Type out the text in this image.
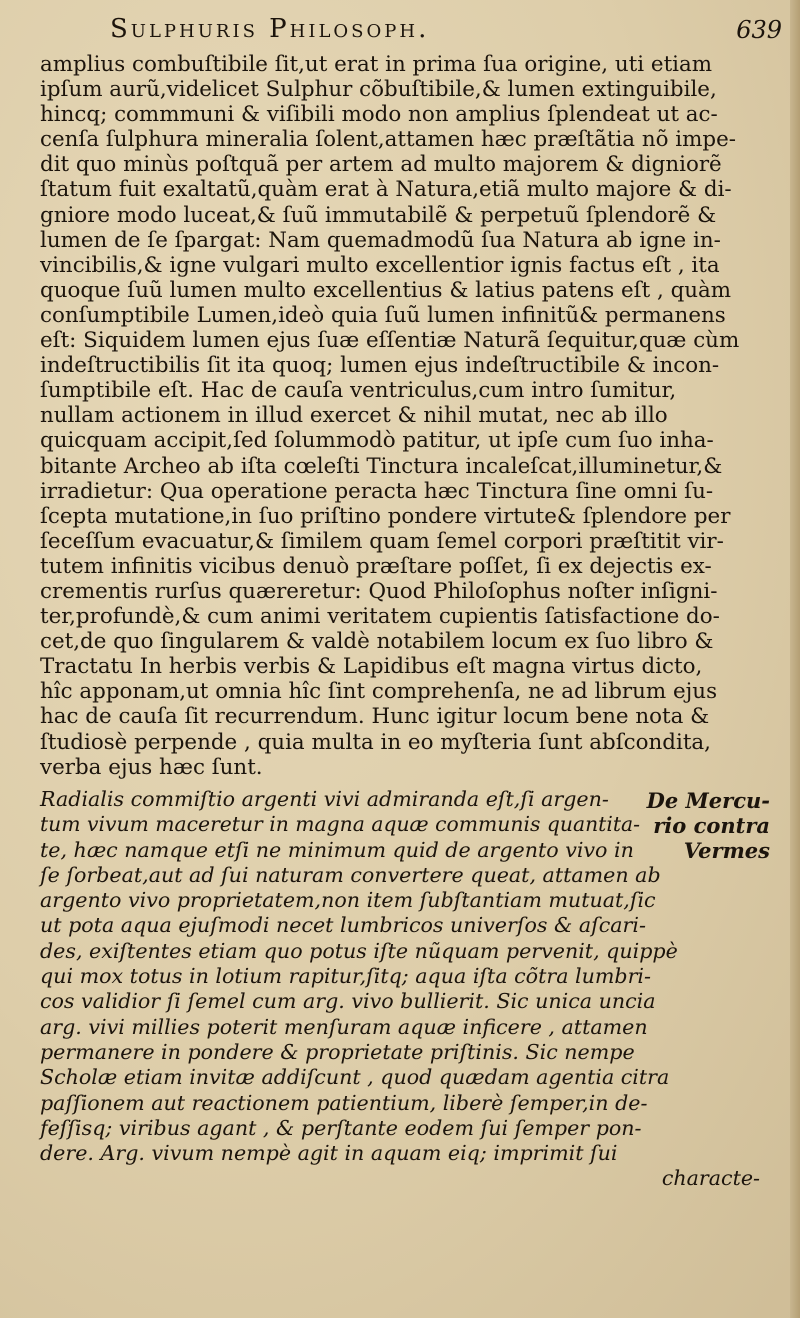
Sulphuris Philosoph.	639
amplius combuſtibile ſit,ut erat in prima ſua origine, uti etiam
ipſum aurũ,videlicet Sulphur cõbuſtibile,& lumen extinguibile,
hincq; commmuni & viſibili modo non amplius ſplendeat ut ac-
cenſa ſulphura mineralia ſolent,attamen hæc præſtãtia nõ impe-
dit quo minùs poſtquã per artem ad multo majorem & digniorẽ
ſtatum fuit exaltatũ,quàm erat à Natura,etiã multo majore & di-
gniore modo luceat,& ſuũ immutabilẽ & perpetuũ ſplendorẽ &
lumen de ſe ſpargat: Nam quemadmodũ ſua Natura ab igne in-
vincibilis,& igne vulgari multo excellentior ignis factus eſt , ita
quoque ſuũ lumen multo excellentius & latius patens eſt , quàm
conſumptibile Lumen,ideò quia ſuũ lumen infinitũ& permanens
eſt: Siquidem lumen ejus ſuæ eſſentiæ Naturã ſequitur,quæ cùm
indeſtructibilis ſit ita quoq; lumen ejus indeſtructibile & incon-
ſumptibile eſt. Hac de cauſa ventriculus,cum intro ſumitur,
nullam actionem in illud exercet & nihil mutat, nec ab illo
quicquam accipit,ſed ſolummodò patitur, ut ipſe cum ſuo inha-
bitante Archeo ab iſta cœleſti Tinctura incaleſcat,illuminetur,&
irradietur: Qua operatione peracta hæc Tinctura ſine omni ſu-
ſcepta mutatione,in ſuo priſtino pondere virtute& ſplendore per
ſeceſſum evacuatur,& ſimilem quam ſemel corpori præſtitit vir-
tutem infinitis vicibus denuò præſtare poſſet, ſi ex dejectis ex-
crementis rurſus quæreretur: Quod Philoſophus noſter inſigni-
ter,profundè,& cum animi veritatem cupientis ſatisfactione do-
cet,de quo ſingularem & valdè notabilem locum ex ſuo libro &
Tractatu In herbis verbis & Lapidibus eſt magna virtus dicto,
hîc apponam,ut omnia hîc ſint comprehenſa, ne ad librum ejus
hac de cauſa ſit recurrendum. Hunc igitur locum bene nota &
ſtudiosè perpende , quia multa in eo myſteria ſunt abſcondita,
verba ejus hæc ſunt.
Radialis commiſtio argenti vivi admiranda eſt,ſi argen-
tum vivum maceretur in magna aquæ communis quantita-
te, hæc namque etſi ne minimum quid de argento vivo in
ſe ſorbeat,aut ad ſui naturam convertere queat, attamen ab
argento vivo proprietatem,non item ſubſtantiam mutuat,ſic
ut pota aqua ejuſmodi necet lumbricos univerſos & aſcari-
des, exiſtentes etiam quo potus iſte nũquam pervenit, quippè
qui mox totus in lotium rapitur,ſitq; aqua iſta cõtra lumbri-
cos validior ſi ſemel cum arg. vivo bullierit. Sic unica uncia
arg. vivi millies poterit menſuram aquæ inficere , attamen
permanere in pondere & proprietate priſtinis. Sic nempe
Scholæ etiam invitæ addiſcunt , quod quædam agentia citra
paſſionem aut reactionem patientium, liberè ſemper,in de-
feſſisq; viribus agant , & perſtante eodem ſui ſemper pon-
dere. Arg. vivum nempè agit in aquam eiq; imprimit ſui
characte-
De Mercu-
rio contra
Vermes
